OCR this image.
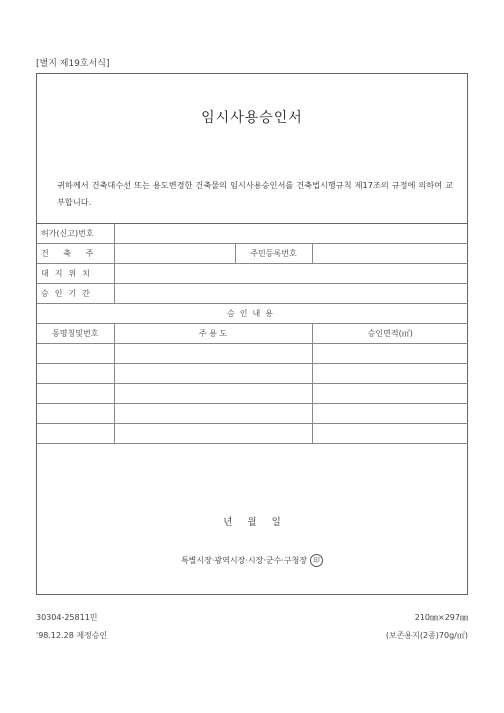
[별지 제19호서식]
임시사용승인서
귀하께서 건축대수선 또는 용도변경한 건축물의 임시사용승인서를 건축법시행규칙 제17조의 규정에 의하여 교부합니다.
허가(신고)번호			
건 축 주		주민등록번호	
대지위치			
승인기간			
승인내용			
동명칭및번호	주 용 도		승인면적(㎡)

년 월 일
특별시장·광역시장·시장·군수·구청장 印
30304-25811민
'98.12.28 제정승인
210㎜×297㎜
(보존용지(2종)70g/㎡)
